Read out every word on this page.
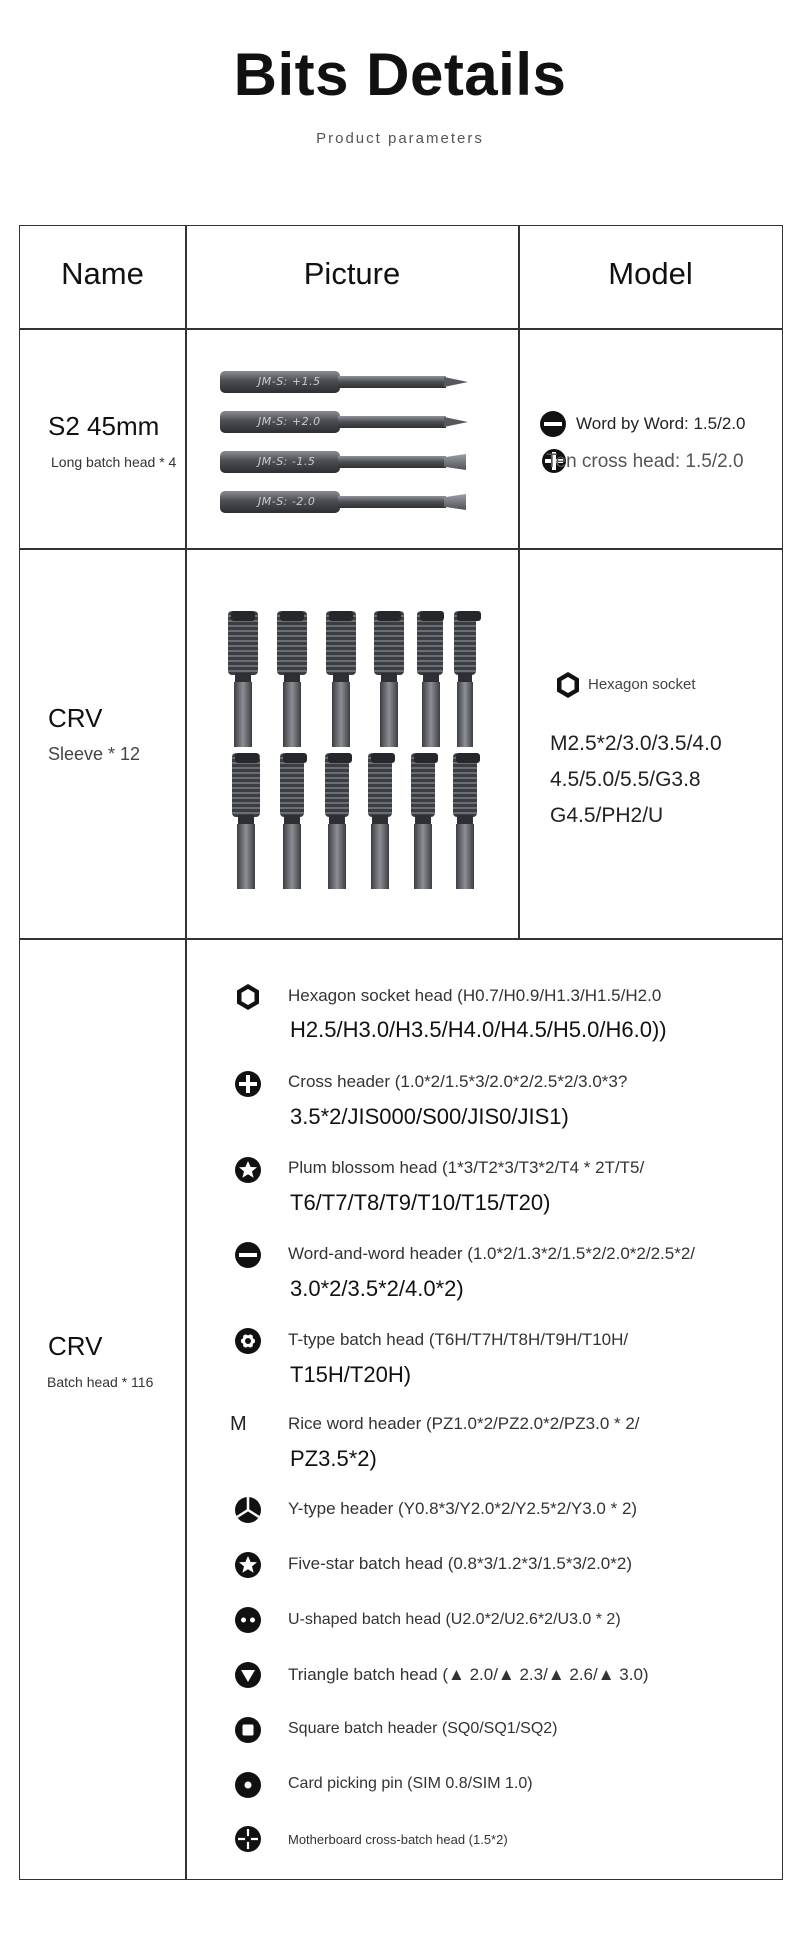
Bits Details
Product parameters
Name	Picture	Model
S2 45mm
Long batch head * 4
JM-S: +1.5
JM-S: +2.0
JM-S: -1.5
JM-S: -2.0
Word by Word: 1.5/2.0
Ten cross head: 1.5/2.0
CRV
Sleeve * 12
Hexagon socket
M2.5*2/3.0/3.5/4.0
4.5/5.0/5.5/G3.8
G4.5/PH2/U
CRV
Batch head * 116
Hexagon socket head (H0.7/H0.9/H1.3/H1.5/H2.0
H2.5/H3.0/H3.5/H4.0/H4.5/H5.0/H6.0))
Cross header (1.0*2/1.5*3/2.0*2/2.5*2/3.0*3?
3.5*2/JIS000/S00/JIS0/JIS1)
Plum blossom head (1*3/T2*3/T3*2/T4 * 2T/T5/
T6/T7/T8/T9/T10/T15/T20)
Word-and-word header (1.0*2/1.3*2/1.5*2/2.0*2/2.5*2/
3.0*2/3.5*2/4.0*2)
T-type batch head (T6H/T7H/T8H/T9H/T10H/
T15H/T20H)
M Rice word header (PZ1.0*2/PZ2.0*2/PZ3.0 * 2/
PZ3.5*2)
Y-type header (Y0.8*3/Y2.0*2/Y2.5*2/Y3.0 * 2)
Five-star batch head (0.8*3/1.2*3/1.5*3/2.0*2)
U-shaped batch head (U2.0*2/U2.6*2/U3.0 * 2)
Triangle batch head (▲ 2.0/▲ 2.3/▲ 2.6/▲ 3.0)
Square batch header (SQ0/SQ1/SQ2)
Card picking pin (SIM 0.8/SIM 1.0)
Motherboard cross-batch head (1.5*2)
